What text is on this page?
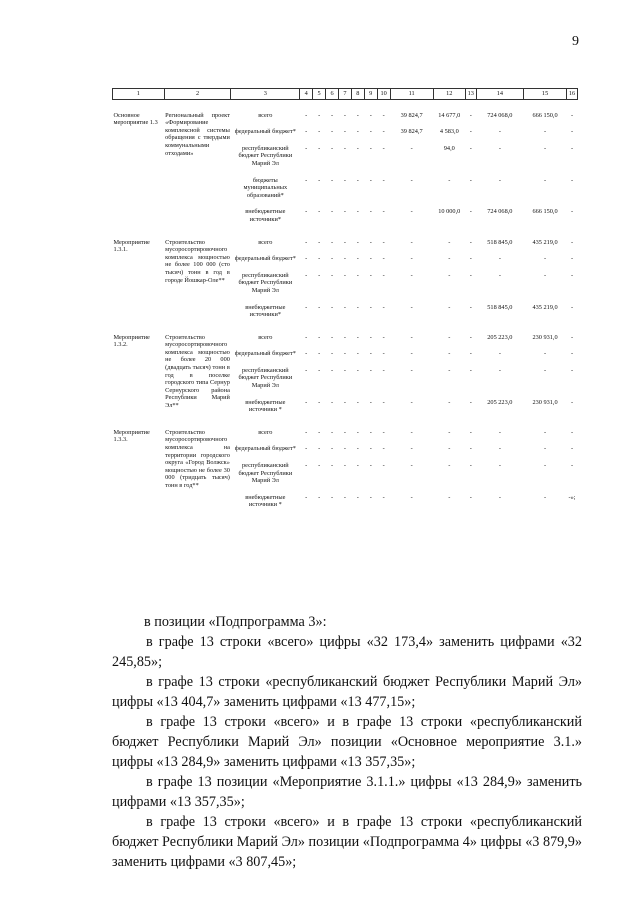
9
1	2	3	4	5	6	7	8	9	10	11	12	13	14	15	16
Основное мероприятие 1.3	Региональный проект «Формирование комплексной системы обращения с твердыми коммунальными отходами»	всего	-	-	-	-	-	-	-	39 824,7	14 677,0	-	724 068,0	666 150,0	-
		федеральный бюджет*	-	-	-	-	-	-	-	39 824,7	4 583,0	-	-	-	-
		республиканский бюджет Республики Марий Эл	-	-	-	-	-	-	-	-	94,0	-	-	-	-
		бюджеты муниципальных образований*	-	-	-	-	-	-	-	-	-	-	-	-	-
		внебюджетные источники*	-	-	-	-	-	-	-	-	10 000,0	-	724 068,0	666 150,0	-
Мероприятие 1.3.1.	Строительство мусоросортировочного комплекса мощностью не более 100 000 (сто тысяч) тонн в год в городе Йошкар-Оле**	всего	-	-	-	-	-	-	-	-	-	-	518 845,0	435 219,0	-
		федеральный бюджет*	-	-	-	-	-	-	-	-	-	-	-	-	-
		республиканский бюджет Республики Марий Эл	-	-	-	-	-	-	-	-	-	-	-	-	-
		внебюджетные источники*	-	-	-	-	-	-	-	-	-	-	518 845,0	435 219,0	-
Мероприятие 1.3.2.	Строительство мусоросортировочного комплекса мощностью не более 20 000 (двадцать тысяч) тонн в год в поселке городского типа Сернур Сернурского района Республики Марий Эл**	всего	-	-	-	-	-	-	-	-	-	-	205 223,0	230 931,0	-
		федеральный бюджет*	-	-	-	-	-	-	-	-	-	-	-	-	-
		республиканский бюджет Республики Марий Эл	-	-	-	-	-	-	-	-	-	-	-	-	-
		внебюджетные источники *	-	-	-	-	-	-	-	-	-	-	205 223,0	230 931,0	-
Мероприятие 1.3.3.	Строительство мусоросортировочного комплекса на территории городского округа «Город Волжск» мощностью не более 30 000 (тридцать тысяч) тонн в год**	всего	-	-	-	-	-	-	-	-	-	-	-	-	-
		федеральный бюджет*	-	-	-	-	-	-	-	-	-	-	-	-	-
		республиканский бюджет Республики Марий Эл	-	-	-	-	-	-	-	-	-	-	-	-	-
		внебюджетные источники *	-	-	-	-	-	-	-	-	-	-	-	-	-»;

в позиции «Подпрограмма 3»:

в графе 13 строки «всего» цифры «32 173,4» заменить цифрами «32 245,85»;

в графе 13 строки «республиканский бюджет Республики Марий Эл» цифры «13 404,7» заменить цифрами «13 477,15»;

в графе 13 строки «всего» и в графе 13 строки «республиканский бюджет Республики Марий Эл» позиции «Основное мероприятие 3.1.» цифры «13 284,9» заменить цифрами «13 357,35»;

в графе 13 позиции «Мероприятие 3.1.1.» цифры «13 284,9» заменить цифрами «13 357,35»;

в графе 13 строки «всего» и в графе 13 строки «республиканский бюджет Республики Марий Эл» позиции «Подпрограмма 4» цифры «3 879,9» заменить цифрами «3 807,45»;
